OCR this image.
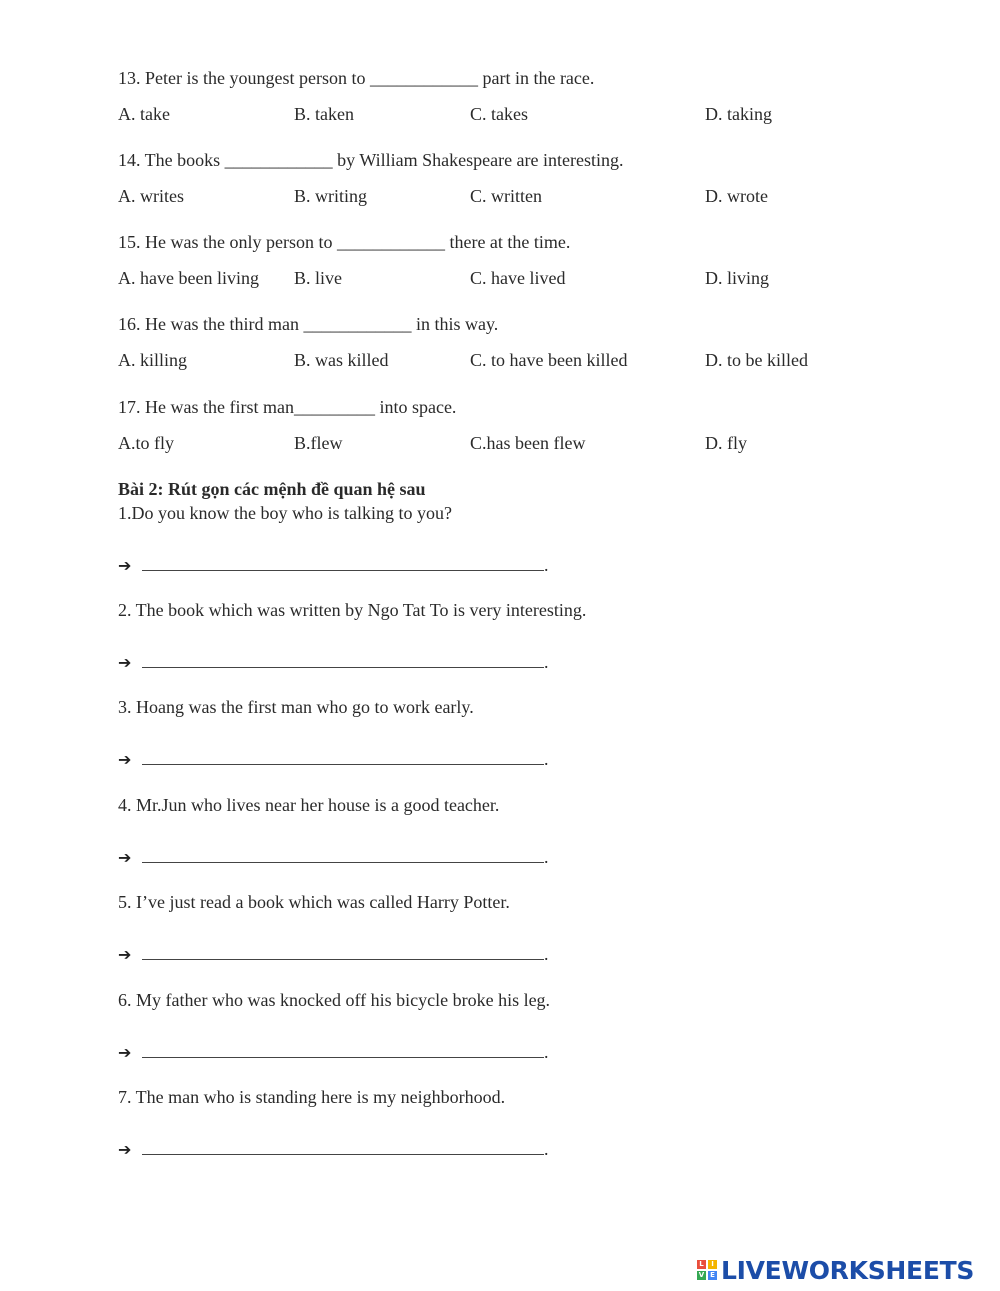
13. Peter is the youngest person to ____________ part in the race.
A. take	B. taken	C. takes	D. taking
14. The books ____________ by William Shakespeare are interesting.
A. writes	B. writing	C. written	D. wrote
15. He was the only person to ____________ there at the time.
A. have been living B. live	C. have lived	D. living
16. He was the third man ____________ in this way.
A. killing	B. was killed	C. to have been killed	D. to be killed
17. He was the first man_________ into space.
A.to fly	B.flew	C.has been flew	D. fly
Bài 2: Rút gọn các mệnh đề quan hệ sau
1.Do you know the boy who is talking to you?
➔	.
2. The book which was written by Ngo Tat To is very interesting.
➔	.
3. Hoang was the first man who go to work early.
➔	.
4. Mr.Jun who lives near her house is a good teacher.
➔	.
5. I’ve just read a book which was called Harry Potter.
➔	.
6. My father who was knocked off his bicycle broke his leg.
➔	.
7. The man who is standing here is my neighborhood.
➔	.
L	I
V E LIVEWORKSHEETS
